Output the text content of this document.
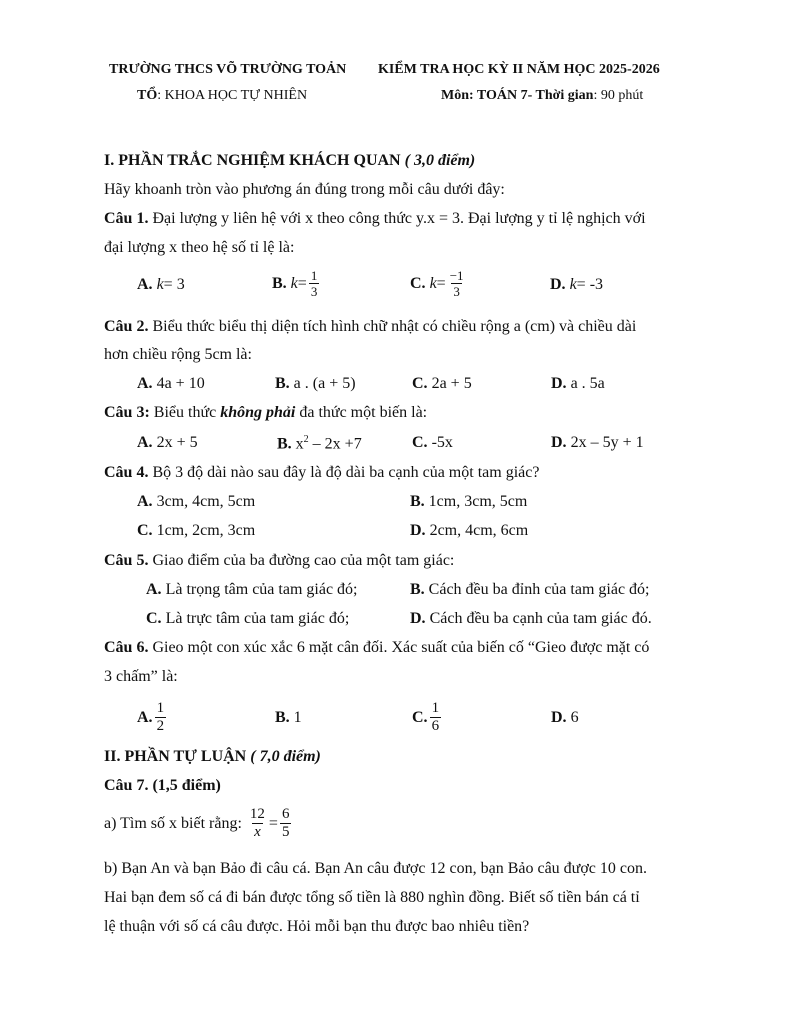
TRƯỜNG THCS VÕ TRƯỜNG TOẢN KIỂM TRA HỌC KỲ II NĂM HỌC 2025-2026
TỔ: KHOA HỌC TỰ NHIÊN	Môn: TOÁN 7- Thời gian: 90 phút
I. PHẦN TRẮC NGHIỆM KHÁCH QUAN ( 3,0 điểm)
Hãy khoanh tròn vào phương án đúng trong mỗi câu dưới đây:
Câu 1. Đại lượng y liên hệ với x theo công thức y.x = 3. Đại lượng y tỉ lệ nghịch với
đại lượng x theo hệ số tỉ lệ là:
A.
k = 3	B.
$k = \frac{1}{3}$	C.
$k = \frac{-1}{3}$	D.
k = -3
Câu 2. Biểu thức biểu thị diện tích hình chữ nhật có chiều rộng a (cm) và chiều dài
hơn chiều rộng 5cm là:
A. 4a + 10	B. a . (a + 5)	C. 2a + 5	D. a . 5a
Câu 3: Biểu thức không phải đa thức một biến là:
A. 2x + 5	B. $x^2 - 2x +7$	C. -5x	D. 2x – 5y + 1
Câu 4. Bộ 3 độ dài nào sau đây là độ dài ba cạnh của một tam giác?
A. 3cm, 4cm, 5cm	B. 1cm, 3cm, 5cm
C. 1cm, 2cm, 3cm	D. 2cm, 4cm, 6cm
Câu 5. Giao điểm của ba đường cao của một tam giác:
A. Là trọng tâm của tam giác đó;	B. Cách đều ba đỉnh của tam giác đó;
C. Là trực tâm của tam giác đó;	D. Cách đều ba cạnh của tam giác đó.
Câu 6. Gieo một con xúc xắc 6 mặt cân đối. Xác suất của biến cố “Gieo được mặt có
3 chấm” là:
A. $\frac{1}{2}$	B. 1	C. $\frac{1}{6}$	D. 6
II. PHẦN TỰ LUẬN ( 7,0 điểm)
Câu 7. (1,5 điểm)
a) Tìm số x biết rằng:
$\frac{12}{x} = \frac{6}{5}$
b) Bạn An và bạn Bảo đi câu cá. Bạn An câu được 12 con, bạn Bảo câu được 10 con.
Hai bạn đem số cá đi bán được tổng số tiền là 880 nghìn đồng. Biết số tiền bán cá tỉ
lệ thuận với số cá câu được. Hỏi mỗi bạn thu được bao nhiêu tiền?
